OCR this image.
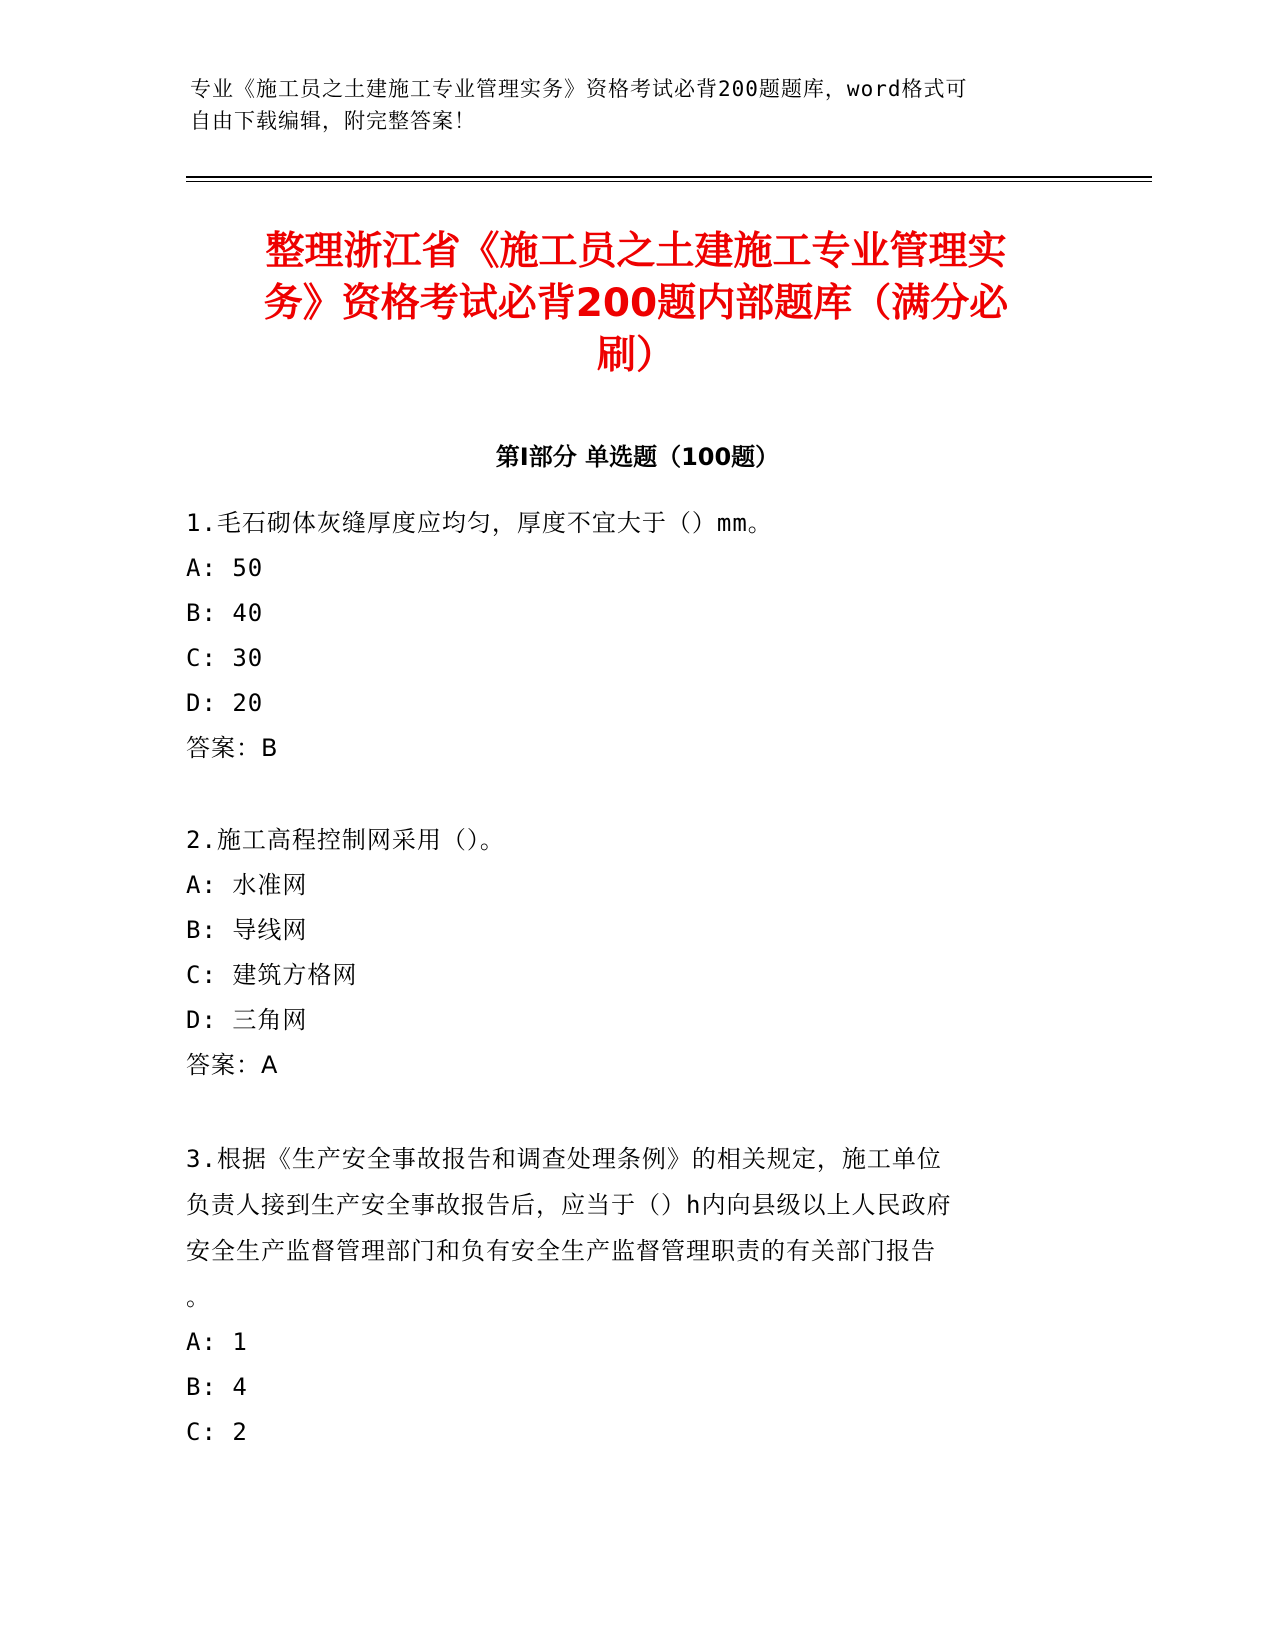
专业《施工员之土建施工专业管理实务》资格考试必背200题题库，word格式可
自由下载编辑，附完整答案！
整理浙江省《施工员之土建施工专业管理实
务》资格考试必背200题内部题库（满分必
刷）
第Ⅰ部分 单选题（100题）
1.毛石砌体灰缝厚度应均匀，厚度不宜大于（）mm。
A: 50
B: 40
C: 30
D: 20
答案：B
2.施工高程控制网采用（）。
A: 水准网
B: 导线网
C: 建筑方格网
D: 三角网
答案：A
3.根据《生产安全事故报告和调查处理条例》的相关规定，施工单位
负责人接到生产安全事故报告后，应当于（）h内向县级以上人民政府
安全生产监督管理部门和负有安全生产监督管理职责的有关部门报告
。
A: 1
B: 4
C: 2
